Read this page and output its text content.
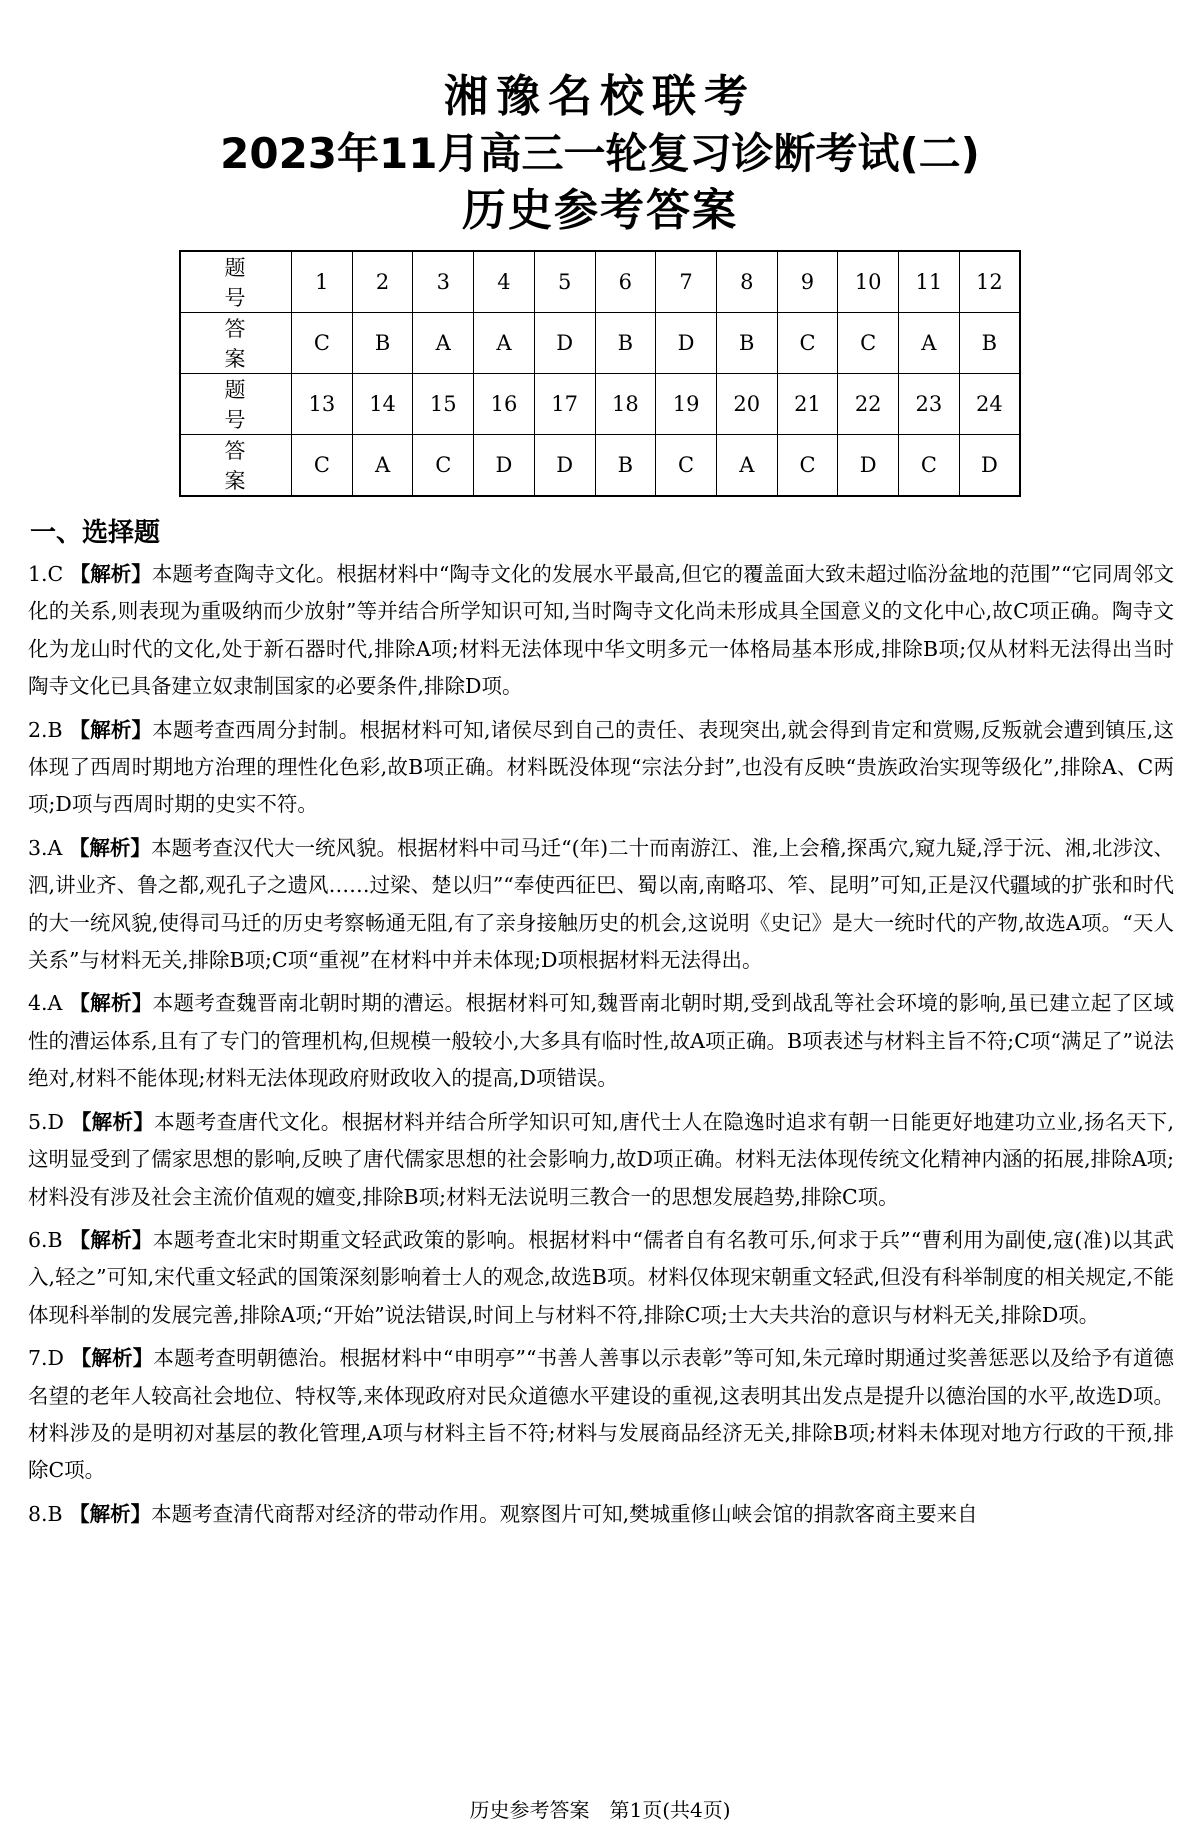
湘豫名校联考
2023年11月高三一轮复习诊断考试(二)
历史参考答案
题 号	1	2	3	4	5	6	7	8	9	10	11	12
答 案	C	B	A	A	D	B	D	B	C	C	A	B
题 号	13	14	15	16	17	18	19	20	21	22	23	24
答 案	C	A	C	D	D	B	C	A	C	D	C	D
一、选择题

1.C 【解析】本题考查陶寺文化。根据材料中“陶寺文化的发展水平最高,但它的覆盖面大致未超过临汾盆地的范围”“它同周邻文化的关系,则表现为重吸纳而少放射”等并结合所学知识可知,当时陶寺文化尚未形成具全国意义的文化中心,故C项正确。陶寺文化为龙山时代的文化,处于新石器时代,排除A项;材料无法体现中华文明多元一体格局基本形成,排除B项;仅从材料无法得出当时陶寺文化已具备建立奴隶制国家的必要条件,排除D项。

2.B 【解析】本题考查西周分封制。根据材料可知,诸侯尽到自己的责任、表现突出,就会得到肯定和赏赐,反叛就会遭到镇压,这体现了西周时期地方治理的理性化色彩,故B项正确。材料既没体现“宗法分封”,也没有反映“贵族政治实现等级化”,排除A、C两项;D项与西周时期的史实不符。

3.A 【解析】本题考查汉代大一统风貌。根据材料中司马迁“(年)二十而南游江、淮,上会稽,探禹穴,窥九疑,浮于沅、湘,北涉汶、泗,讲业齐、鲁之都,观孔子之遗风……过梁、楚以归”“奉使西征巴、蜀以南,南略邛、笮、昆明”可知,正是汉代疆域的扩张和时代的大一统风貌,使得司马迁的历史考察畅通无阻,有了亲身接触历史的机会,这说明《史记》是大一统时代的产物,故选A项。“天人关系”与材料无关,排除B项;C项“重视”在材料中并未体现;D项根据材料无法得出。

4.A 【解析】本题考查魏晋南北朝时期的漕运。根据材料可知,魏晋南北朝时期,受到战乱等社会环境的影响,虽已建立起了区域性的漕运体系,且有了专门的管理机构,但规模一般较小,大多具有临时性,故A项正确。B项表述与材料主旨不符;C项“满足了”说法绝对,材料不能体现;材料无法体现政府财政收入的提高,D项错误。

5.D 【解析】本题考查唐代文化。根据材料并结合所学知识可知,唐代士人在隐逸时追求有朝一日能更好地建功立业,扬名天下,这明显受到了儒家思想的影响,反映了唐代儒家思想的社会影响力,故D项正确。材料无法体现传统文化精神内涵的拓展,排除A项;材料没有涉及社会主流价值观的嬗变,排除B项;材料无法说明三教合一的思想发展趋势,排除C项。

6.B 【解析】本题考查北宋时期重文轻武政策的影响。根据材料中“儒者自有名教可乐,何求于兵”“曹利用为副使,寇(准)以其武入,轻之”可知,宋代重文轻武的国策深刻影响着士人的观念,故选B项。材料仅体现宋朝重文轻武,但没有科举制度的相关规定,不能体现科举制的发展完善,排除A项;“开始”说法错误,时间上与材料不符,排除C项;士大夫共治的意识与材料无关,排除D项。

7.D 【解析】本题考查明朝德治。根据材料中“申明亭”“书善人善事以示表彰”等可知,朱元璋时期通过奖善惩恶以及给予有道德名望的老年人较高社会地位、特权等,来体现政府对民众道德水平建设的重视,这表明其出发点是提升以德治国的水平,故选D项。材料涉及的是明初对基层的教化管理,A项与材料主旨不符;材料与发展商品经济无关,排除B项;材料未体现对地方行政的干预,排除C项。

8.B 【解析】本题考查清代商帮对经济的带动作用。观察图片可知,樊城重修山峡会馆的捐款客商主要来自

历史参考答案　第1页(共4页)
